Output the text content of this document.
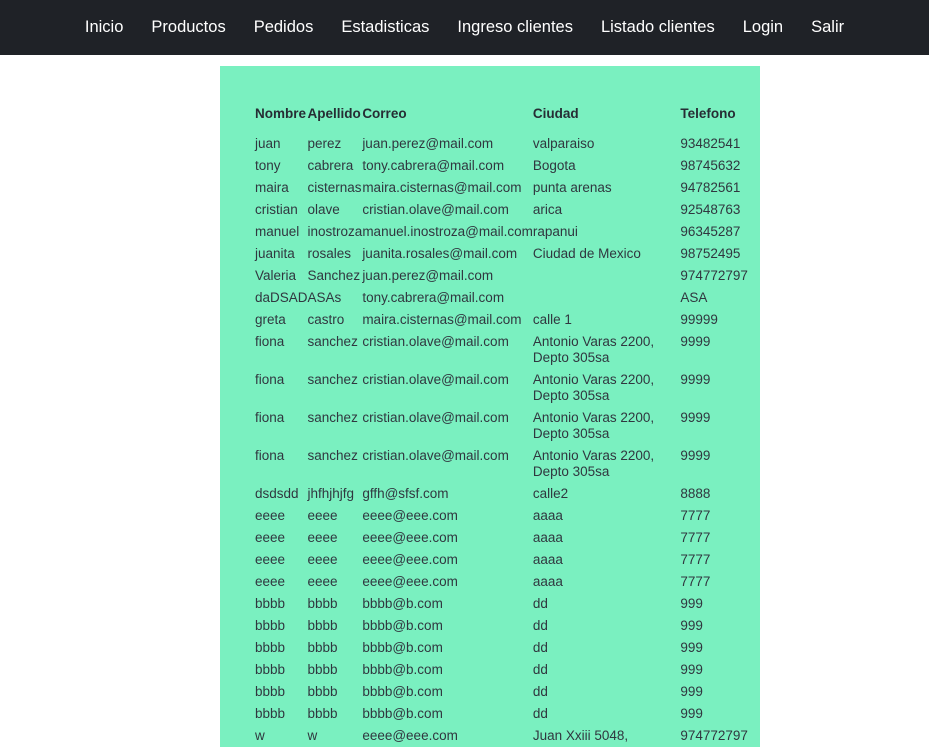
Inicio	Productos	Pedidos	Estadisticas	Ingreso clientes	Listado clientes	Login	Salir
Nombre	Apellido	Correo	Ciudad	Telefono
juan	perez	juan.perez@mail.com	valparaiso	93482541
tony	cabrera	tony.cabrera@mail.com	Bogota	98745632
maira	cisternas	maira.cisternas@mail.com	punta arenas	94782561
cristian	olave	cristian.olave@mail.com	arica	92548763
manuel	inostroza	manuel.inostroza@mail.com	rapanui	96345287
juanita	rosales	juanita.rosales@mail.com	Ciudad de Mexico	98752495
Valeria	Sanchez	juan.perez@mail.com		974772797
daDSAD	ASAs	tony.cabrera@mail.com		ASA
greta	castro	maira.cisternas@mail.com	calle 1	99999
fiona	sanchez	cristian.olave@mail.com	Antonio Varas 2200, Depto 305sa	9999
fiona	sanchez	cristian.olave@mail.com	Antonio Varas 2200, Depto 305sa	9999
fiona	sanchez	cristian.olave@mail.com	Antonio Varas 2200, Depto 305sa	9999
fiona	sanchez	cristian.olave@mail.com	Antonio Varas 2200, Depto 305sa	9999
dsdsdd	jhfhjhjfg	gffh@sfsf.com	calle2	8888
eeee	eeee	eeee@eee.com	aaaa	7777
eeee	eeee	eeee@eee.com	aaaa	7777
eeee	eeee	eeee@eee.com	aaaa	7777
eeee	eeee	eeee@eee.com	aaaa	7777
bbbb	bbbb	bbbb@b.com	dd	999
bbbb	bbbb	bbbb@b.com	dd	999
bbbb	bbbb	bbbb@b.com	dd	999
bbbb	bbbb	bbbb@b.com	dd	999
bbbb	bbbb	bbbb@b.com	dd	999
bbbb	bbbb	bbbb@b.com	dd	999
w	w	eeee@eee.com	Juan Xxiii 5048,	974772797
